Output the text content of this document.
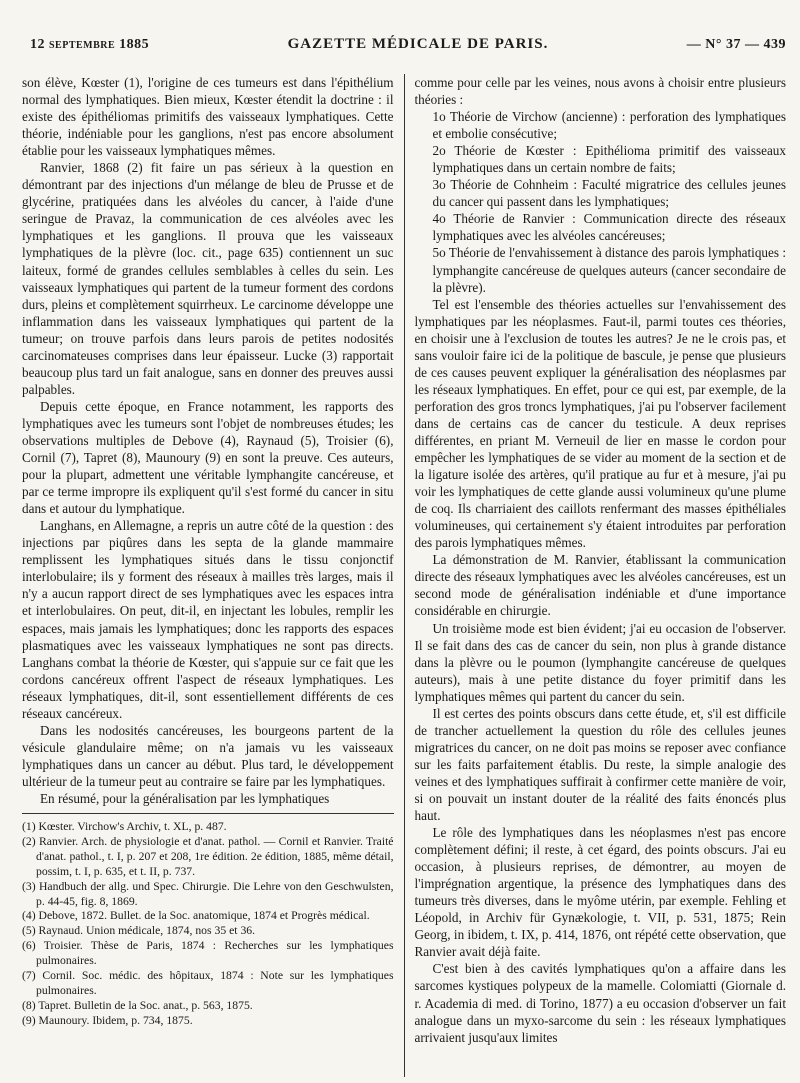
12 septembre 1885	GAZETTE MÉDICALE DE PARIS.	— N° 37 — 439

son élève, Kœster (1), l'origine de ces tumeurs est dans l'épithélium normal des lymphatiques. Bien mieux, Kœster étendit la doctrine : il existe des épithéliomas primitifs des vaisseaux lymphatiques. Cette théorie, indéniable pour les ganglions, n'est pas encore absolument établie pour les vaisseaux lymphatiques mêmes.

Ranvier, 1868 (2) fit faire un pas sérieux à la question en démontrant par des injections d'un mélange de bleu de Prusse et de glycérine, pratiquées dans les alvéoles du cancer, à l'aide d'une seringue de Pravaz, la communication de ces alvéoles avec les lymphatiques et les ganglions. Il prouva que les vaisseaux lymphatiques de la plèvre (loc. cit., page 635) contiennent un suc laiteux, formé de grandes cellules semblables à celles du sein. Les vaisseaux lymphatiques qui partent de la tumeur forment des cordons durs, pleins et complètement squirrheux. Le carcinome développe une inflammation dans les vaisseaux lymphatiques qui partent de la tumeur; on trouve parfois dans leurs parois de petites nodosités carcinomateuses comprises dans leur épaisseur. Lucke (3) rapportait beaucoup plus tard un fait analogue, sans en donner des preuves aussi palpables.

Depuis cette époque, en France notamment, les rapports des lymphatiques avec les tumeurs sont l'objet de nombreuses études; les observations multiples de Debove (4), Raynaud (5), Troisier (6), Cornil (7), Tapret (8), Maunoury (9) en sont la preuve. Ces auteurs, pour la plupart, admettent une véritable lymphangite cancéreuse, et par ce terme impropre ils expliquent qu'il s'est formé du cancer in situ dans et autour du lymphatique.

Langhans, en Allemagne, a repris un autre côté de la question : des injections par piqûres dans les septa de la glande mammaire remplissent les lymphatiques situés dans le tissu conjonctif interlobulaire; ils y forment des réseaux à mailles très larges, mais il n'y a aucun rapport direct de ses lymphatiques avec les espaces intra et interlobulaires. On peut, dit-il, en injectant les lobules, remplir les espaces, mais jamais les lymphatiques; donc les rapports des espaces plasmatiques avec les vaisseaux lymphatiques ne sont pas directs. Langhans combat la théorie de Kœster, qui s'appuie sur ce fait que les cordons cancéreux offrent l'aspect de réseaux lymphatiques. Les réseaux lymphatiques, dit-il, sont essentiellement différents de ces réseaux cancéreux.

Dans les nodosités cancéreuses, les bourgeons partent de la vésicule glandulaire même; on n'a jamais vu les vaisseaux lymphatiques dans un cancer au début. Plus tard, le développement ultérieur de la tumeur peut au contraire se faire par les lymphatiques.

En résumé, pour la généralisation par les lymphatiques

(1) Kœster. Virchow's Archiv, t. XL, p. 487.

(2) Ranvier. Arch. de physiologie et d'anat. pathol. — Cornil et Ranvier. Traité d'anat. pathol., t. I, p. 207 et 208, 1re édition. 2e édition, 1885, même détail, possim, t. I, p. 635, et t. II, p. 737.

(3) Handbuch der allg. und Spec. Chirurgie. Die Lehre von den Geschwulsten, p. 44-45, fig. 8, 1869.

(4) Debove, 1872. Bullet. de la Soc. anatomique, 1874 et Progrès médical.

(5) Raynaud. Union médicale, 1874, nos 35 et 36.

(6) Troisier. Thèse de Paris, 1874 : Recherches sur les lymphatiques pulmonaires.

(7) Cornil. Soc. médic. des hôpitaux, 1874 : Note sur les lymphatiques pulmonaires.

(8) Tapret. Bulletin de la Soc. anat., p. 563, 1875.

(9) Maunoury. Ibidem, p. 734, 1875.

comme pour celle par les veines, nous avons à choisir entre plusieurs théories :

1o Théorie de Virchow (ancienne) : perforation des lymphatiques et embolie consécutive;

2o Théorie de Kœster : Epithélioma primitif des vaisseaux lymphatiques dans un certain nombre de faits;

3o Théorie de Cohnheim : Faculté migratrice des cellules jeunes du cancer qui passent dans les lymphatiques;

4o Théorie de Ranvier : Communication directe des réseaux lymphatiques avec les alvéoles cancéreuses;

5o Théorie de l'envahissement à distance des parois lymphatiques : lymphangite cancéreuse de quelques auteurs (cancer secondaire de la plèvre).

Tel est l'ensemble des théories actuelles sur l'envahissement des lymphatiques par les néoplasmes. Faut-il, parmi toutes ces théories, en choisir une à l'exclusion de toutes les autres? Je ne le crois pas, et sans vouloir faire ici de la politique de bascule, je pense que plusieurs de ces causes peuvent expliquer la généralisation des néoplasmes par les réseaux lymphatiques. En effet, pour ce qui est, par exemple, de la perforation des gros troncs lymphatiques, j'ai pu l'observer facilement dans de certains cas de cancer du testicule. A deux reprises différentes, en priant M. Verneuil de lier en masse le cordon pour empêcher les lymphatiques de se vider au moment de la section et de la ligature isolée des artères, qu'il pratique au fur et à mesure, j'ai pu voir les lymphatiques de cette glande aussi volumineux qu'une plume de coq. Ils charriaient des caillots renfermant des masses épithéliales volumineuses, qui certainement s'y étaient introduites par perforation des parois lymphatiques mêmes.

La démonstration de M. Ranvier, établissant la communication directe des réseaux lymphatiques avec les alvéoles cancéreuses, est un second mode de généralisation indéniable et d'une importance considérable en chirurgie.

Un troisième mode est bien évident; j'ai eu occasion de l'observer. Il se fait dans des cas de cancer du sein, non plus à grande distance dans la plèvre ou le poumon (lymphangite cancéreuse de quelques auteurs), mais à une petite distance du foyer primitif dans les lymphatiques mêmes qui partent du cancer du sein.

Il est certes des points obscurs dans cette étude, et, s'il est difficile de trancher actuellement la question du rôle des cellules jeunes migratrices du cancer, on ne doit pas moins se reposer avec confiance sur les faits parfaitement établis. Du reste, la simple analogie des veines et des lymphatiques suffirait à confirmer cette manière de voir, si on pouvait un instant douter de la réalité des faits énoncés plus haut.

Le rôle des lymphatiques dans les néoplasmes n'est pas encore complètement défini; il reste, à cet égard, des points obscurs. J'ai eu occasion, à plusieurs reprises, de démontrer, au moyen de l'imprégnation argentique, la présence des lymphatiques dans des tumeurs très diverses, dans le myôme utérin, par exemple. Fehling et Léopold, in Archiv für Gynækologie, t. VII, p. 531, 1875; Rein Georg, in ibidem, t. IX, p. 414, 1876, ont répété cette observation, que Ranvier avait déjà faite.

C'est bien à des cavités lymphatiques qu'on a affaire dans les sarcomes kystiques polypeux de la mamelle. Colomiatti (Giornale d. r. Academia di med. di Torino, 1877) a eu occasion d'observer un fait analogue dans un myxo-sarcome du sein : les réseaux lymphatiques arrivaient jusqu'aux limites
